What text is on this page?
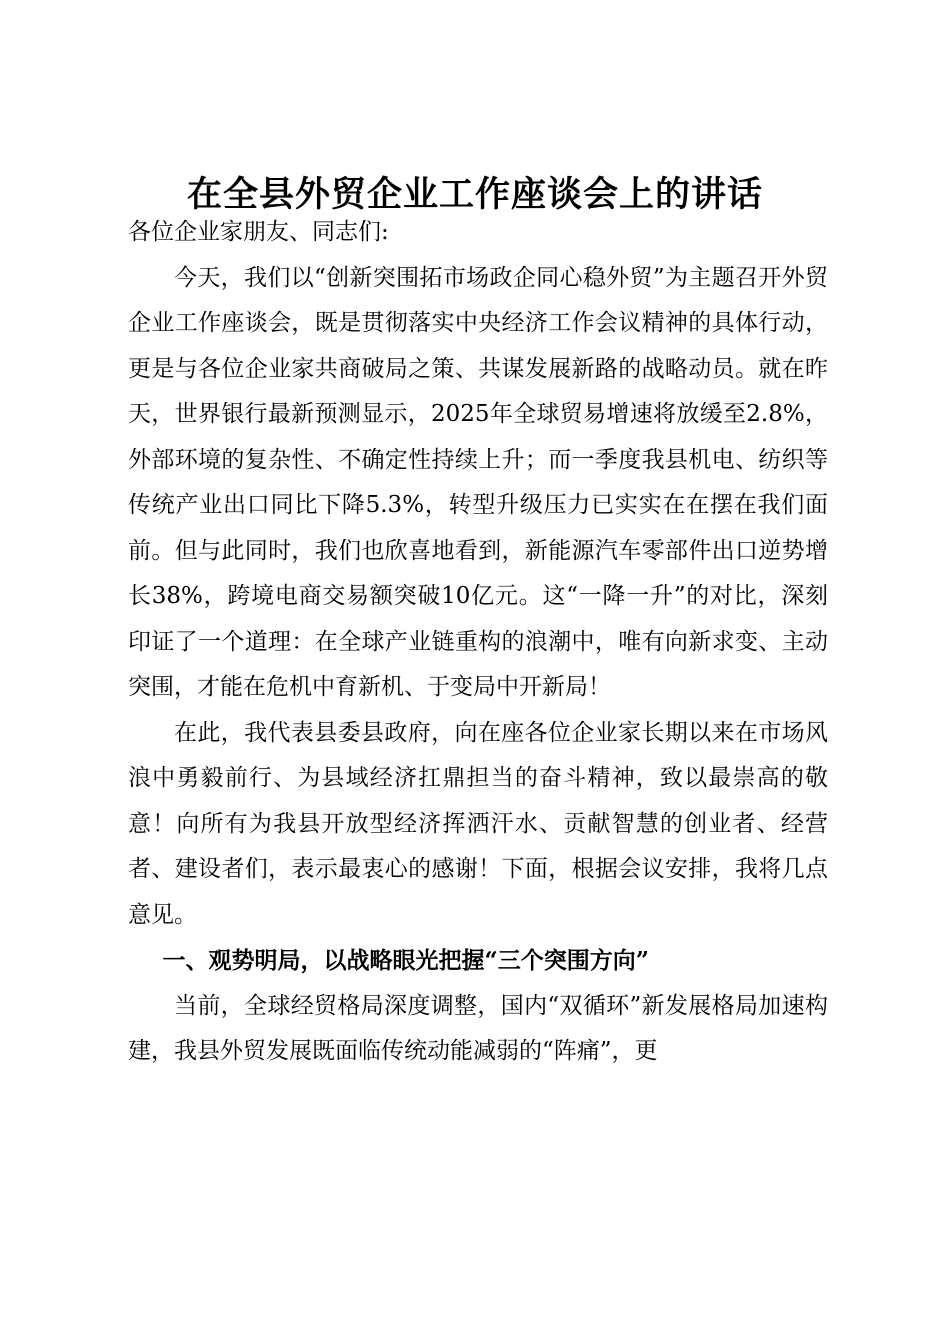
在全县外贸企业工作座谈会上的讲话

各位企业家朋友、同志们:

今天，我们以“创新突围拓市场政企同心稳外贸”为主题召开外贸企业工作座谈会，既是贯彻落实中央经济工作会议精神的具体行动，更是与各位企业家共商破局之策、共谋发展新路的战略动员。就在昨天，世界银行最新预测显示，2025年全球贸易增速将放缓至2.8%，外部环境的复杂性、不确定性持续上升；而一季度我县机电、纺织等传统产业出口同比下降5.3%，转型升级压力已实实在在摆在我们面前。但与此同时，我们也欣喜地看到，新能源汽车零部件出口逆势增长38%，跨境电商交易额突破10亿元。这“一降一升”的对比，深刻印证了一个道理：在全球产业链重构的浪潮中，唯有向新求变、主动突围，才能在危机中育新机、于变局中开新局！

在此，我代表县委县政府，向在座各位企业家长期以来在市场风浪中勇毅前行、为县域经济扛鼎担当的奋斗精神，致以最崇高的敬意！向所有为我县开放型经济挥洒汗水、贡献智慧的创业者、经营者、建设者们，表示最衷心的感谢！下面，根据会议安排，我将几点意见。

一、观势明局，以战略眼光把握“三个突围方向”

当前，全球经贸格局深度调整，国内“双循环”新发展格局加速构建，我县外贸发展既面临传统动能减弱的“阵痛”，更
